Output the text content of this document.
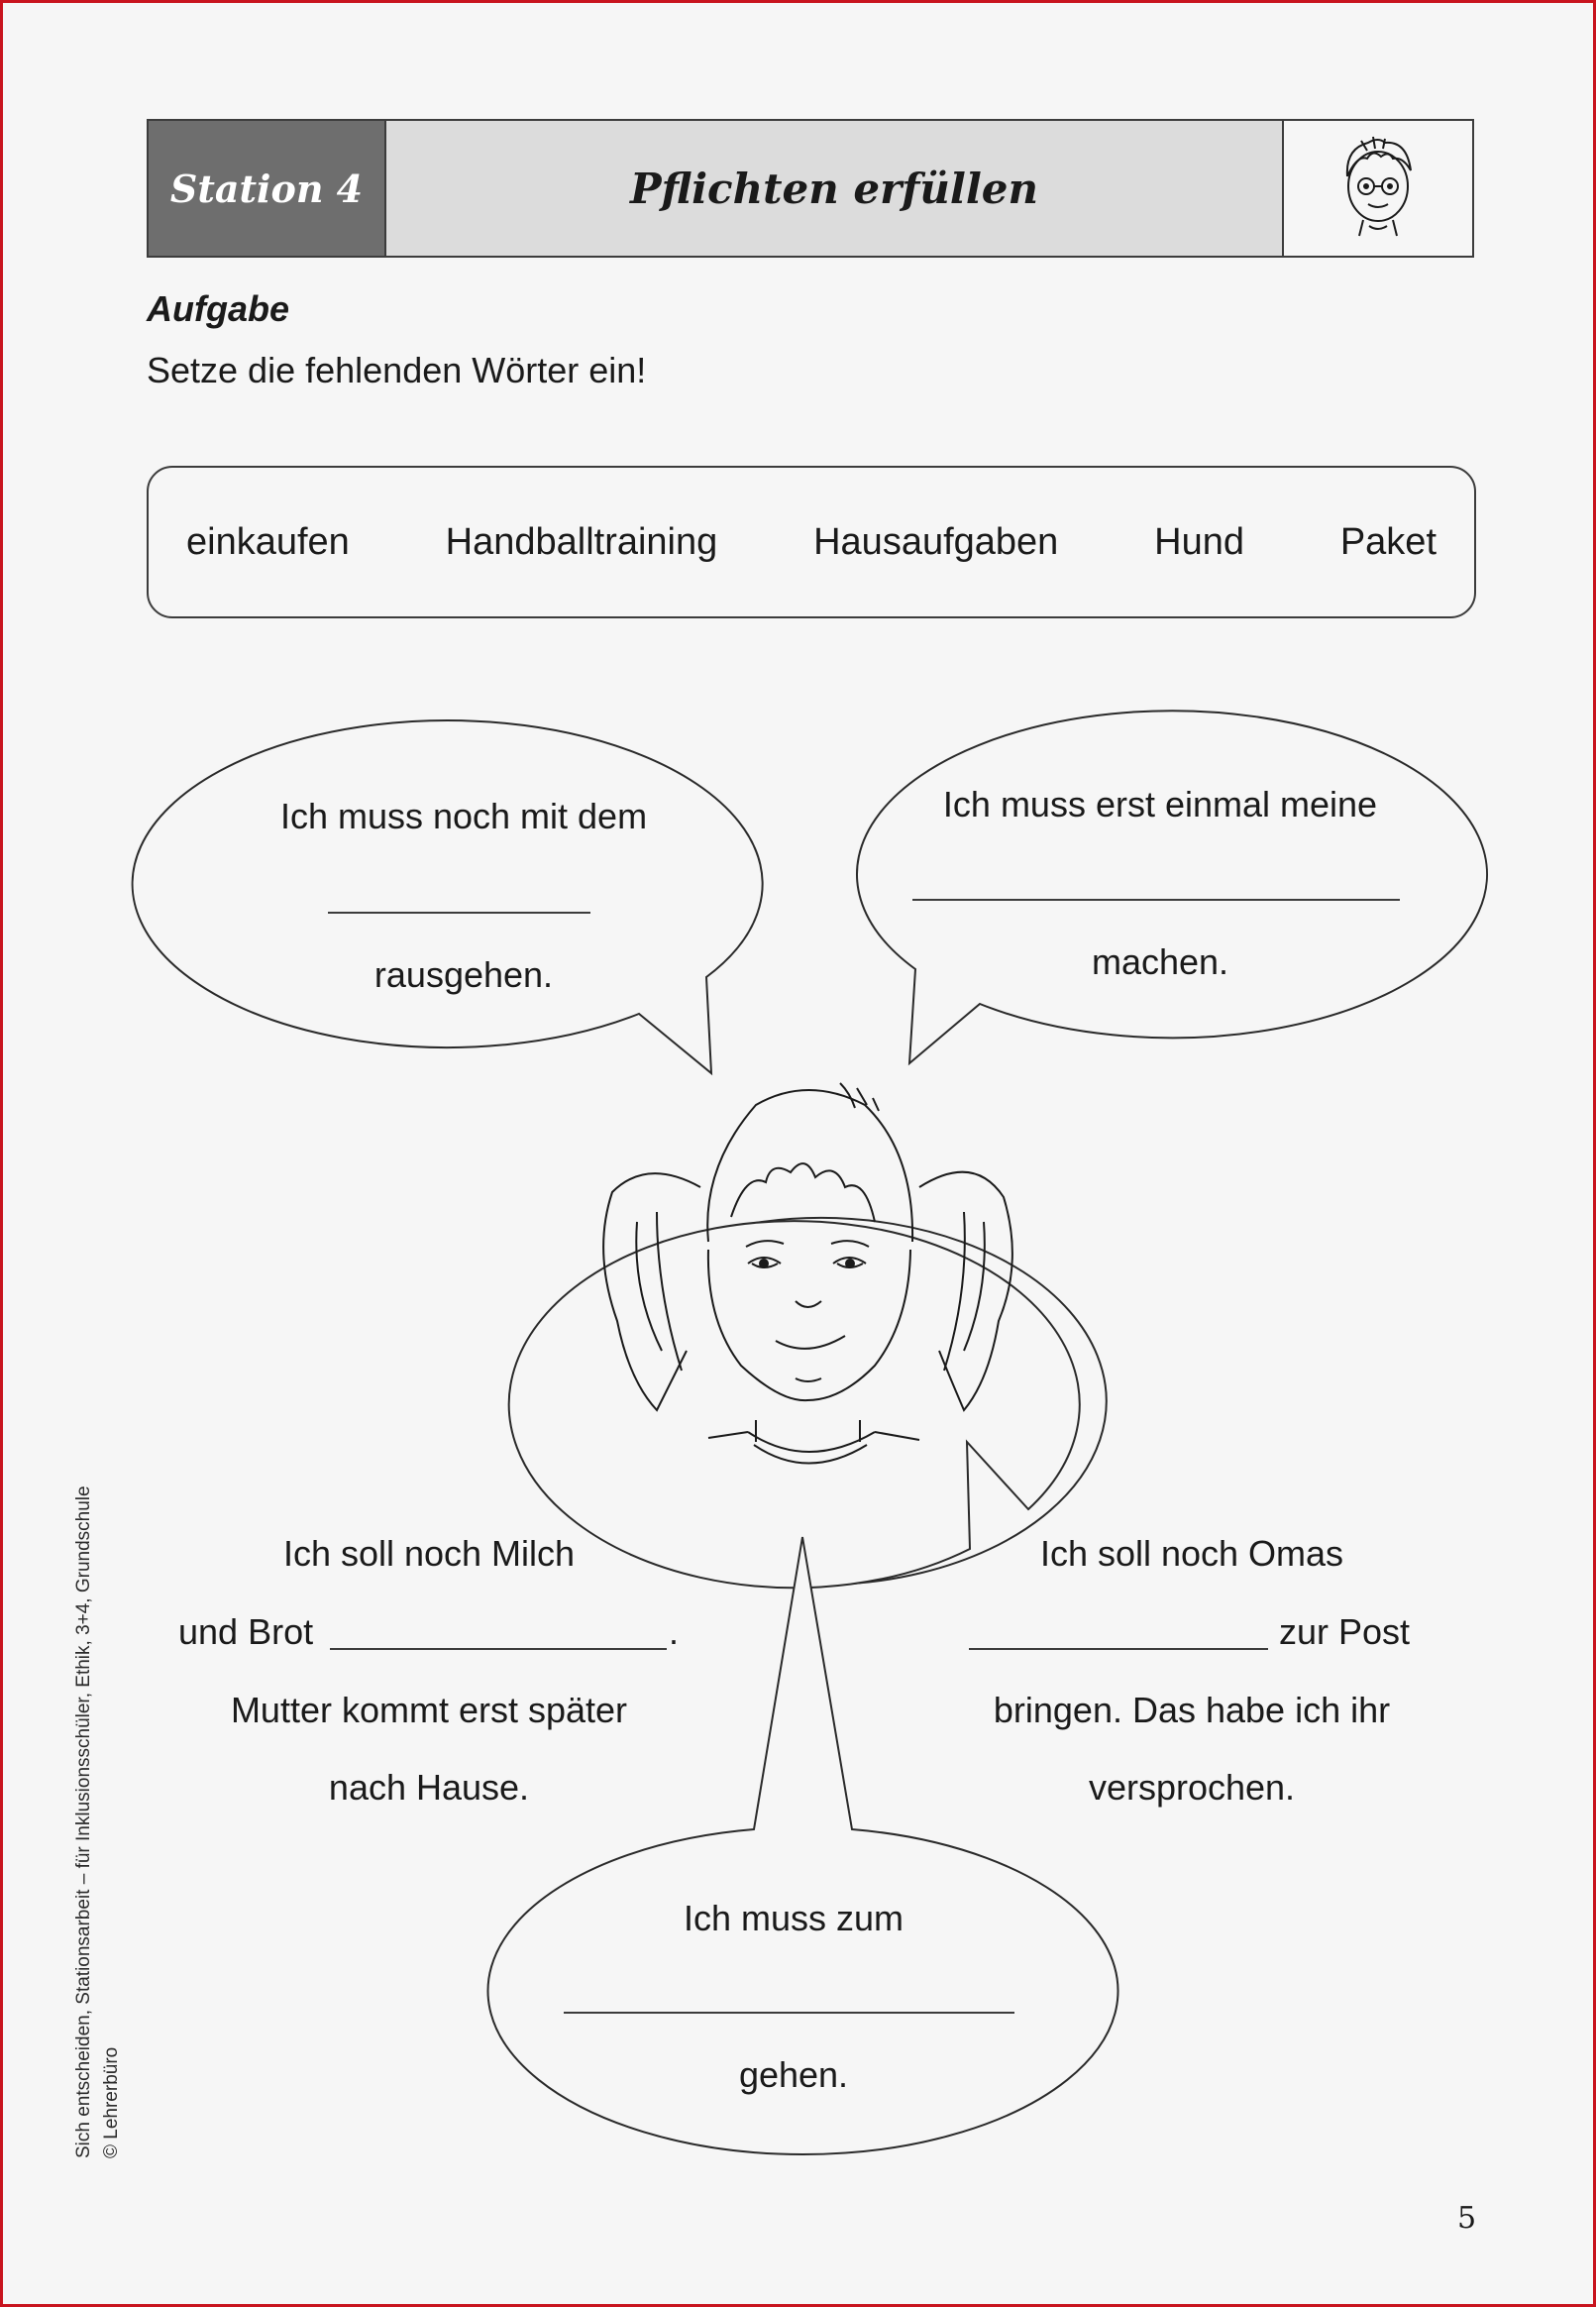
Station 4	Pflichten erfüllen
Aufgabe
Setze die fehlenden Wörter ein!
einkaufen	Handballtraining	Hausaufgaben	Hund	Paket
Ich muss noch mit dem
rausgehen.
Ich muss erst einmal meine
machen.
Ich soll noch Milch
und Brot	.
Mutter kommt erst später
nach Hause.
Ich soll noch Omas
zur Post
bringen. Das habe ich ihr
versprochen.
Ich muss zum
gehen.
Sich entscheiden, Stationsarbeit – für Inklusionsschüler, Ethik, 3+4, Grundschule © Lehrerbüro
5
